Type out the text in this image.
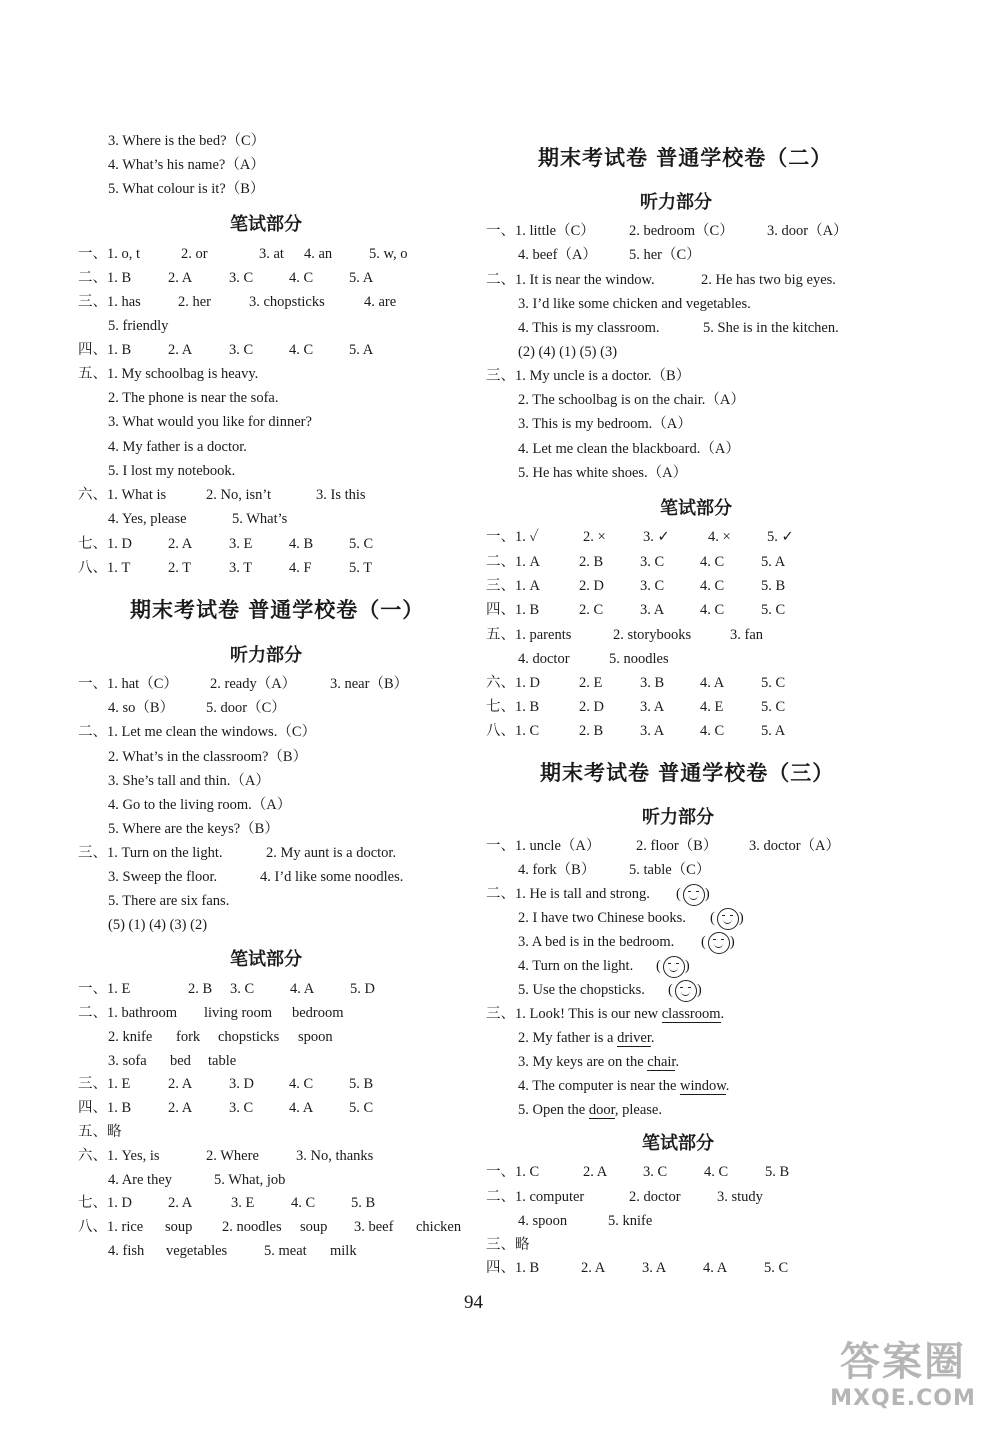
3. Where is the bed?（C）
4. What’s his name?（A）
5. What colour is it?（B）
笔试部分
一、1. o, t	2. or	3. at 4. an	5. w, o
二、1. B	2. A	3. C 4. C 5. A
三、1. has	2. her	3. chopsticks	4. are
5. friendly
四、1. B	2. A	3. C 4. C 5. A
五、1. My schoolbag is heavy.
2. The phone is near the sofa.
3. What would you like for dinner?
4. My father is a doctor.
5. I lost my notebook.
六、1. What is	2. No, isn’t	3. Is this
4. Yes, please	5. What’s
七、1. D 2. A	3. E	4. B 5. C
八、1. T	2. T	3. T	4. F	5. T
期末考试卷 普通学校卷（一）
听力部分
一、1. hat（C） 2. ready（A） 3. near（B）
4. so（B） 5. door（C）
二、1. Let me clean the windows.（C）
2. What’s in the classroom?（B）
3. She’s tall and thin.（A）
4. Go to the living room.（A）
5. Where are the keys?（B）
三、1. Turn on the light.	2. My aunt is a doctor.
3. Sweep the floor.	4. I’d like some noodles.
5. There are six fans.
(5) (1) (4) (3) (2)
笔试部分
一、1. E	2. B 3. C 4. A 5. D
二、1. bathroom living room bedroom
2. knife fork chopsticks spoon
3. sofa bed table
三、1. E	2. A	3. D 4. C 5. B
四、1. B	2. A	3. C 4. A 5. C
五、略
六、1. Yes, is	2. Where	3. No, thanks
4. Are they	5. What, job
七、1. D 2. A	3. E	4. C 5. B
八、1. rice soup 2. noodles soup 3. beef chicken
4. fish vegetables	5. meat milk
期末考试卷 普通学校卷（二）
听力部分
一、1. little（C） 2. bedroom（C） 3. door（A）
4. beef（A） 5. her（C）
二、1. It is near the window.	2. He has two big eyes.
3. I’d like some chicken and vegetables.
4. This is my classroom.	5. She is in the kitchen.
(2) (4) (1) (5) (3)
三、1. My uncle is a doctor.（B）
2. The schoolbag is on the chair.（A）
3. This is my bedroom.（A）
4. Let me clean the blackboard.（A）
5. He has white shoes.（A）
笔试部分
一、1. ✓	2. ×	3. ✓	4. ×	5. ✓
二、1. A	2. B	3. C 4. C	5. A
三、1. A	2. D 3. C 4. C	5. B
四、1. B	2. C	3. A 4. C	5. C
五、1. parents	2. storybooks	3. fan
4. doctor	5. noodles
六、1. D	2. E	3. B 4. A	5. C
七、1. B	2. D 3. A 4. E	5. C
八、1. C	2. B	3. A 4. C	5. A
期末考试卷 普通学校卷（三）
听力部分
一、1. uncle（A） 2. floor（B） 3. doctor（A）
4. fork（B） 5. table（C）
二、1. He is tall and strong. ( )
2. I have two Chinese books. ( )
3. A bed is in the bedroom. ( )
4. Turn on the light. ( )
5. Use the chopsticks. ( )
三、1. Look! This is our new classroom.
2. My father is a driver.
3. My keys are on the chair.
4. The computer is near the window.
5. Open the door, please.
笔试部分
一、1. C	2. A 3. C	4. C	5. B
二、1. computer	2. doctor	3. study
4. spoon	5. knife
三、略
四、1. B	2. A	3. A	4. A	5. C
94
答案圈
MXQE.COM
